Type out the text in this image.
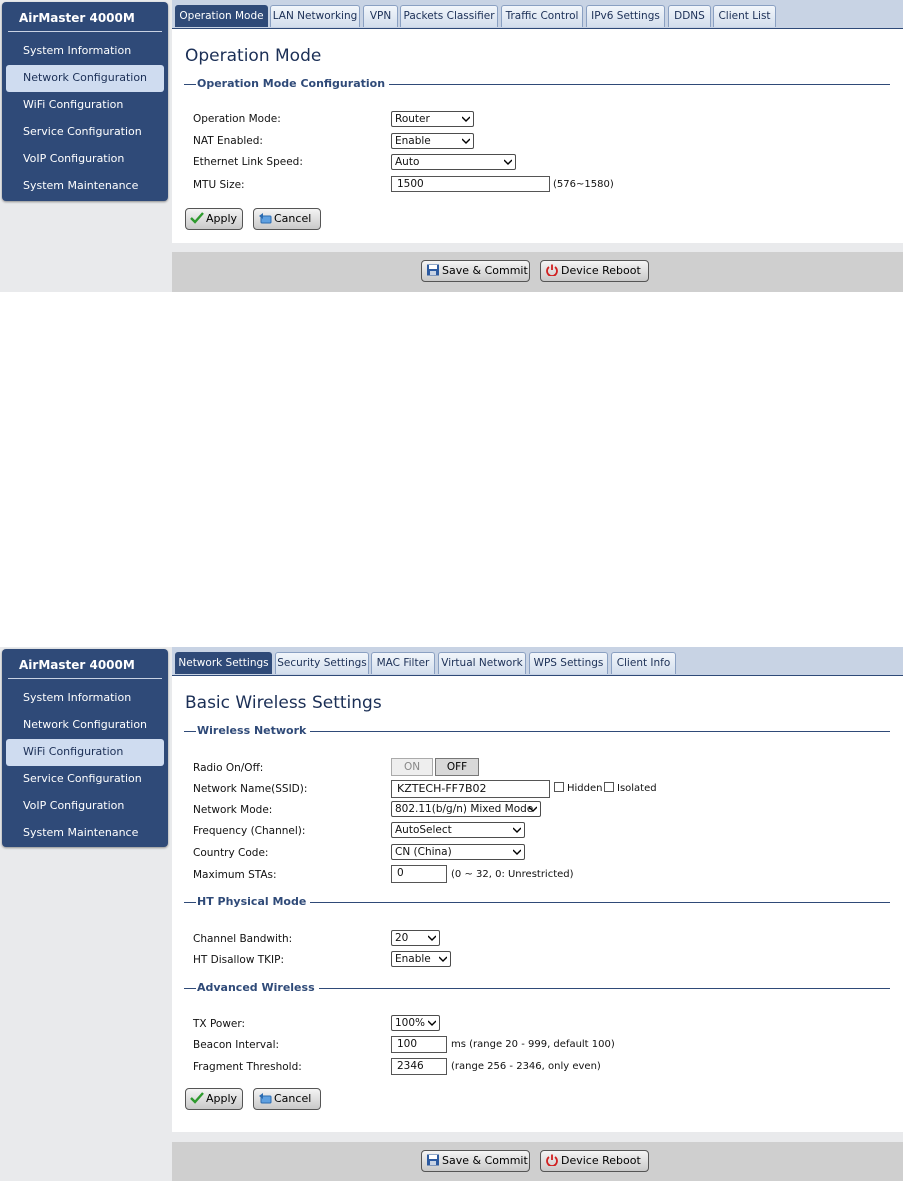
AirMaster 4000M
System Information
Network Configuration
WiFi Configuration
Service Configuration
VoIP Configuration
System Maintenance
Operation Mode LAN Networking	VPN	Packets Classifier	Traffic Control	IPv6 Settings	DDNS	Client List
Operation Mode
Operation Mode Configuration
Operation Mode:	Router
NAT Enabled:	Enable
Ethernet Link Speed:	Auto
MTU Size:	1500	(576~1580)
Apply	Cancel
Save & Commit	Device Reboot
AirMaster 4000M
System Information
Network Configuration
WiFi Configuration
Service Configuration
VoIP Configuration
System Maintenance
Network Settings Security Settings MAC Filter	Virtual Network	WPS Settings	Client Info
Basic Wireless Settings
Wireless Network
Radio On/Off:	ON	OFF
Network Name(SSID):	KZTECH-FF7B02	Hidden Isolated
Network Mode:	802.11(b/g/n) Mixed Mode
Frequency (Channel):	AutoSelect
Country Code:	CN (China)
Maximum STAs:	0	(0 ~ 32, 0: Unrestricted)
HT Physical Mode
Channel Bandwith:	20
HT Disallow TKIP:	Enable
Advanced Wireless
TX Power:	100%
Beacon Interval:	100	ms (range 20 - 999, default 100)
Fragment Threshold:	2346	(range 256 - 2346, only even)
Apply	Cancel
Save & Commit	Device Reboot
